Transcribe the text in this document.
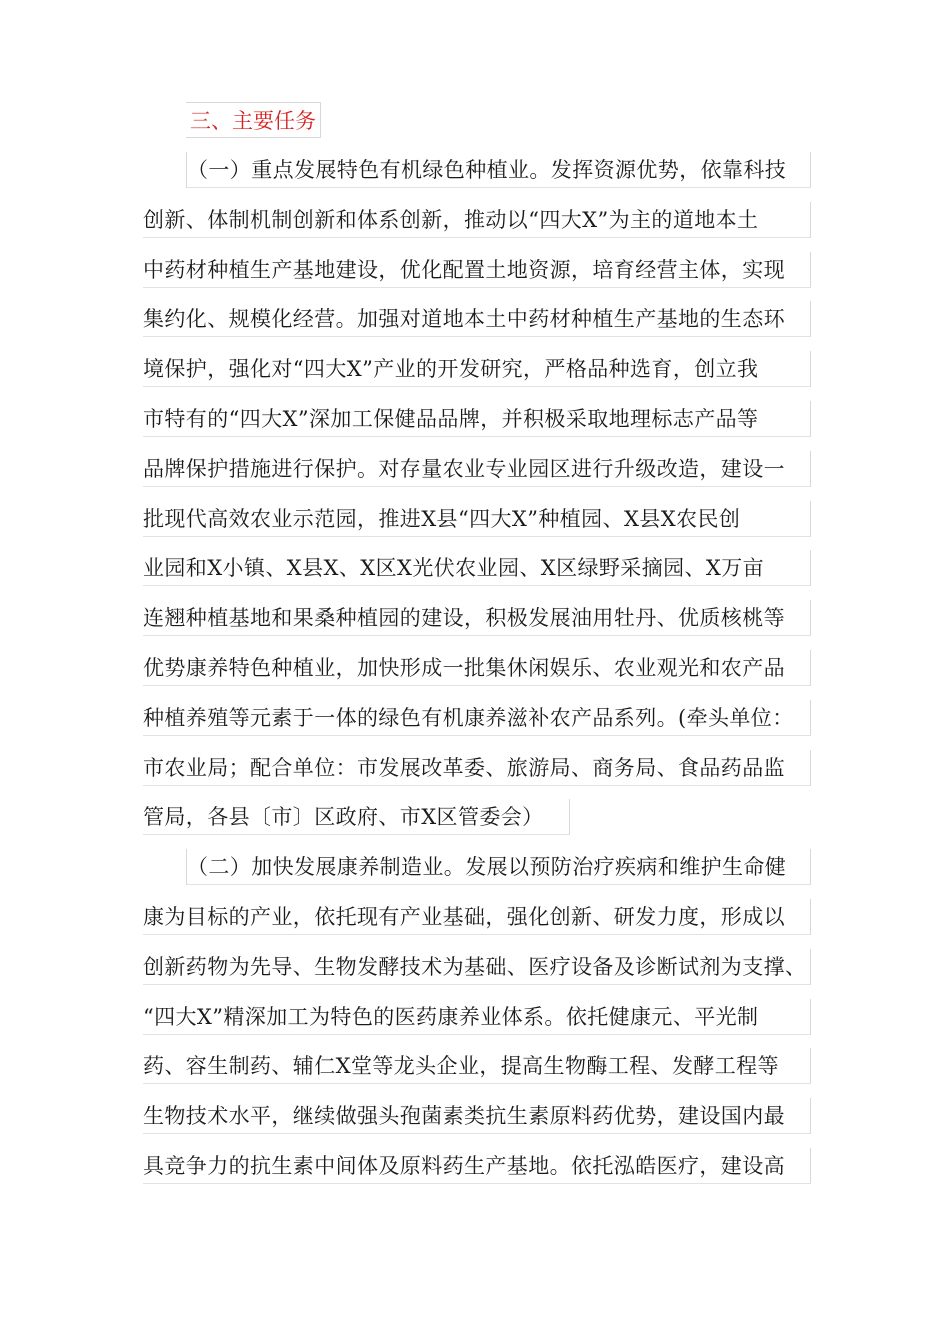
三、主要任务
（一）重点发展特色有机绿色种植业。发挥资源优势，依靠科技
创新、体制机制创新和体系创新，推动以“四大X”为主的道地本土
中药材种植生产基地建设，优化配置土地资源，培育经营主体，实现
集约化、规模化经营。加强对道地本土中药材种植生产基地的生态环
境保护，强化对“四大X”产业的开发研究，严格品种选育，创立我
市特有的“四大X”深加工保健品品牌，并积极采取地理标志产品等
品牌保护措施进行保护。对存量农业专业园区进行升级改造，建设一
批现代高效农业示范园，推进X县“四大X”种植园、X县X农民创
业园和X小镇、X县X、X区X光伏农业园、X区绿野采摘园、X万亩
连翘种植基地和果桑种植园的建设，积极发展油用牡丹、优质核桃等
优势康养特色种植业，加快形成一批集休闲娱乐、农业观光和农产品
种植养殖等元素于一体的绿色有机康养滋补农产品系列。(牵头单位：
市农业局；配合单位：市发展改革委、旅游局、商务局、食品药品监
管局，各县〔市〕区政府、市X区管委会）
（二）加快发展康养制造业。发展以预防治疗疾病和维护生命健
康为目标的产业，依托现有产业基础，强化创新、研发力度，形成以
创新药物为先导、生物发酵技术为基础、医疗设备及诊断试剂为支撑、
“四大X”精深加工为特色的医药康养业体系。依托健康元、平光制
药、容生制药、辅仁X堂等龙头企业，提高生物酶工程、发酵工程等
生物技术水平，继续做强头孢菌素类抗生素原料药优势，建设国内最
具竞争力的抗生素中间体及原料药生产基地。依托泓皓医疗，建设高
